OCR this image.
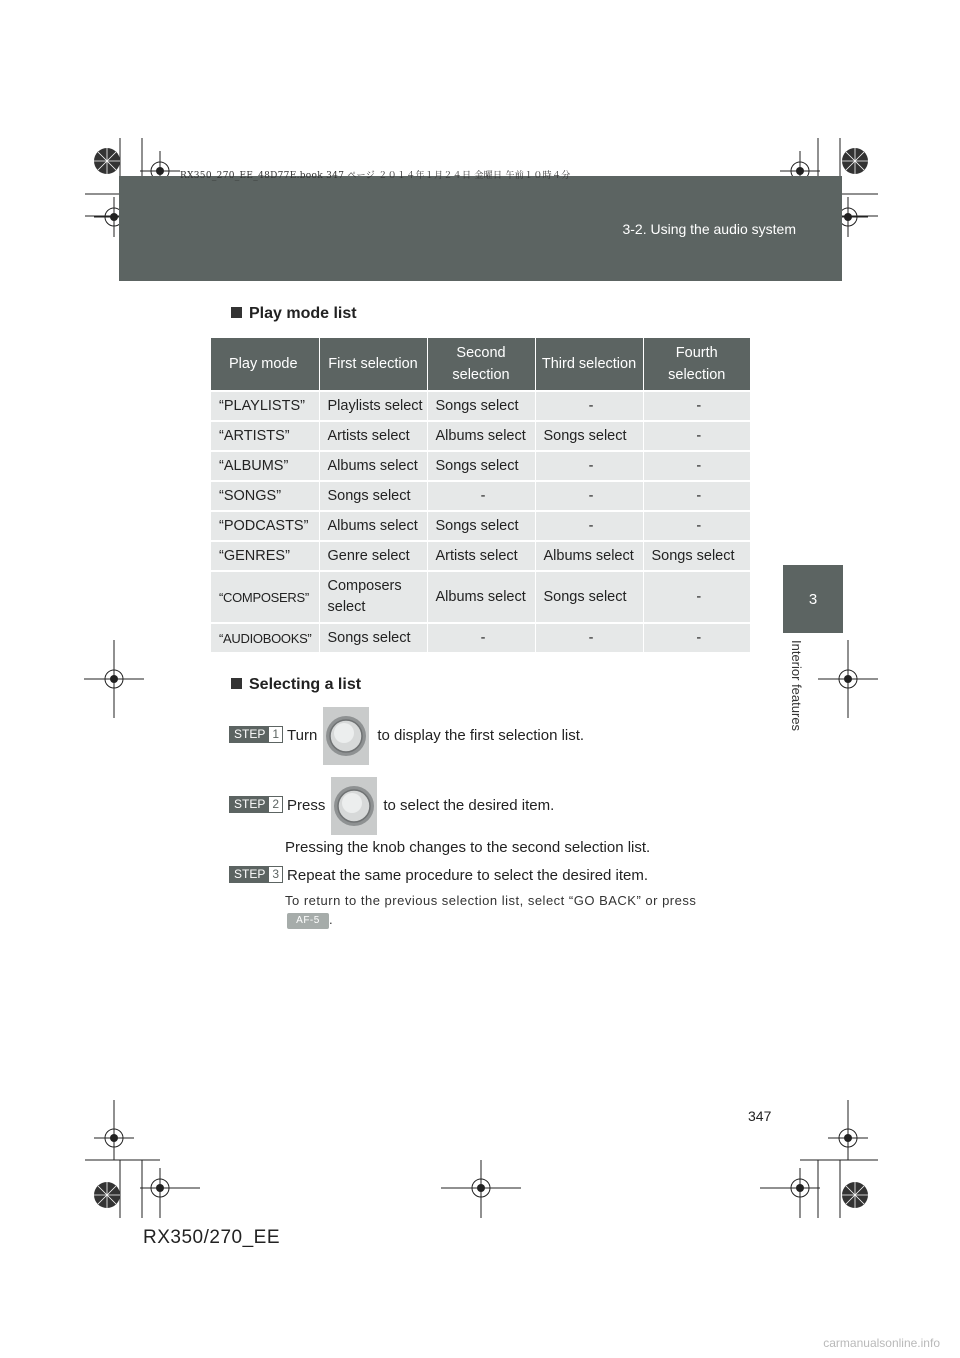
RX350_270_EE_48D77E.book 347 ページ ２０１４年１月２４日 金曜日 午前１０時４分
3-2. Using the audio system
3
Interior features
Play mode list
Play mode	First selection	Second selection	Third selection	Fourth selection
“PLAYLISTS”	Playlists select	Songs select	-	-
“ARTISTS”	Artists select	Albums select	Songs select	-
“ALBUMS”	Albums select	Songs select	-	-
“SONGS”	Songs select	-	-	-
“PODCASTS”	Albums select	Songs select	-	-
“GENRES”	Genre select	Artists select	Albums select	Songs select
“COMPOSERS”	Composers select	Albums select	Songs select	-
“AUDIOBOOKS”	Songs select	-	-	-
Selecting a list
STEP 1 Turn	to display the first selection list.
STEP 2 Press	to select the desired item.
Pressing the knob changes to the second selection list.
STEP 3 Repeat the same procedure to select the desired item.
To return to the previous selection list, select “GO BACK” or press
AF-5 .
347
RX350/270_EE
carmanualsonline.info
